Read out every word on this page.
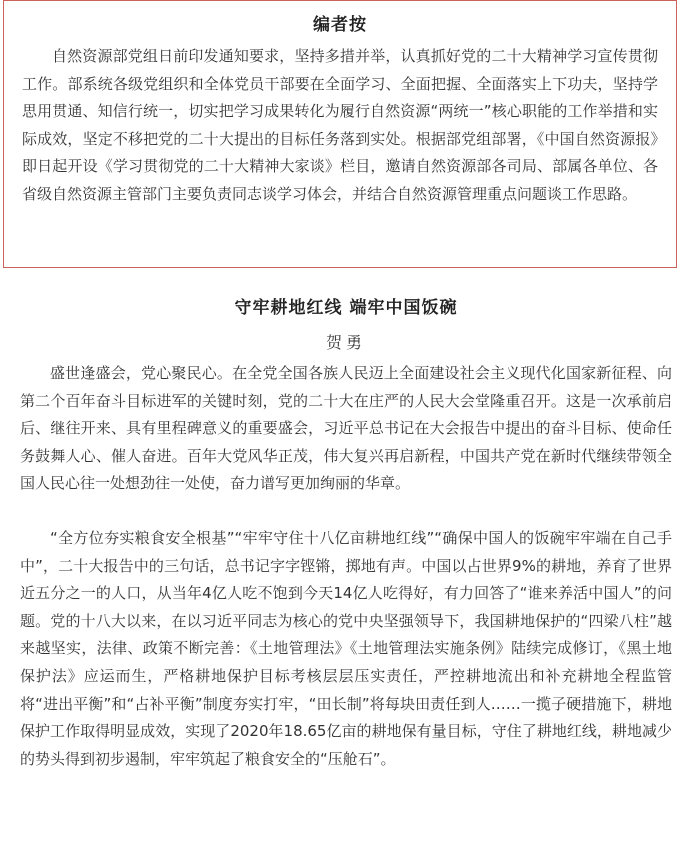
编者按

自然资源部党组日前印发通知要求，坚持多措并举，认真抓好党的二十大精神学习宣传贯彻工作。部系统各级党组织和全体党员干部要在全面学习、全面把握、全面落实上下功夫，坚持学思用贯通、知信行统一，切实把学习成果转化为履行自然资源“两统一”核心职能的工作举措和实际成效，坚定不移把党的二十大提出的目标任务落到实处。根据部党组部署，《中国自然资源报》即日起开设《学习贯彻党的二十大精神大家谈》栏目，邀请自然资源部各司局、部属各单位、各省级自然资源主管部门主要负责同志谈学习体会，并结合自然资源管理重点问题谈工作思路。

守牢耕地红线 端牢中国饭碗
贺勇

盛世逢盛会，党心聚民心。在全党全国各族人民迈上全面建设社会主义现代化国家新征程、向第二个百年奋斗目标进军的关键时刻，党的二十大在庄严的人民大会堂隆重召开。这是一次承前启后、继往开来、具有里程碑意义的重要盛会，习近平总书记在大会报告中提出的奋斗目标、使命任务鼓舞人心、催人奋进。百年大党风华正茂，伟大复兴再启新程，中国共产党在新时代继续带领全国人民心往一处想劲往一处使，奋力谱写更加绚丽的华章。

“全方位夯实粮食安全根基”“牢牢守住十八亿亩耕地红线”“确保中国人的饭碗牢牢端在自己手中”，二十大报告中的三句话，总书记字字铿锵，掷地有声。中国以占世界9%的耕地，养育了世界近五分之一的人口，从当年4亿人吃不饱到今天14亿人吃得好，有力回答了“谁来养活中国人”的问题。党的十八大以来，在以习近平同志为核心的党中央坚强领导下，我国耕地保护的“四梁八柱”越来越坚实，法律、政策不断完善：《土地管理法》《土地管理法实施条例》陆续完成修订，《黑土地保护法》应运而生，严格耕地保护目标考核层层压实责任，严控耕地流出和补充耕地全程监管将“进出平衡”和“占补平衡”制度夯实打牢，“田长制”将每块田责任到人……一揽子硬措施下，耕地保护工作取得明显成效，实现了2020年18.65亿亩的耕地保有量目标，守住了耕地红线，耕地减少的势头得到初步遏制，牢牢筑起了粮食安全的“压舱石”。
